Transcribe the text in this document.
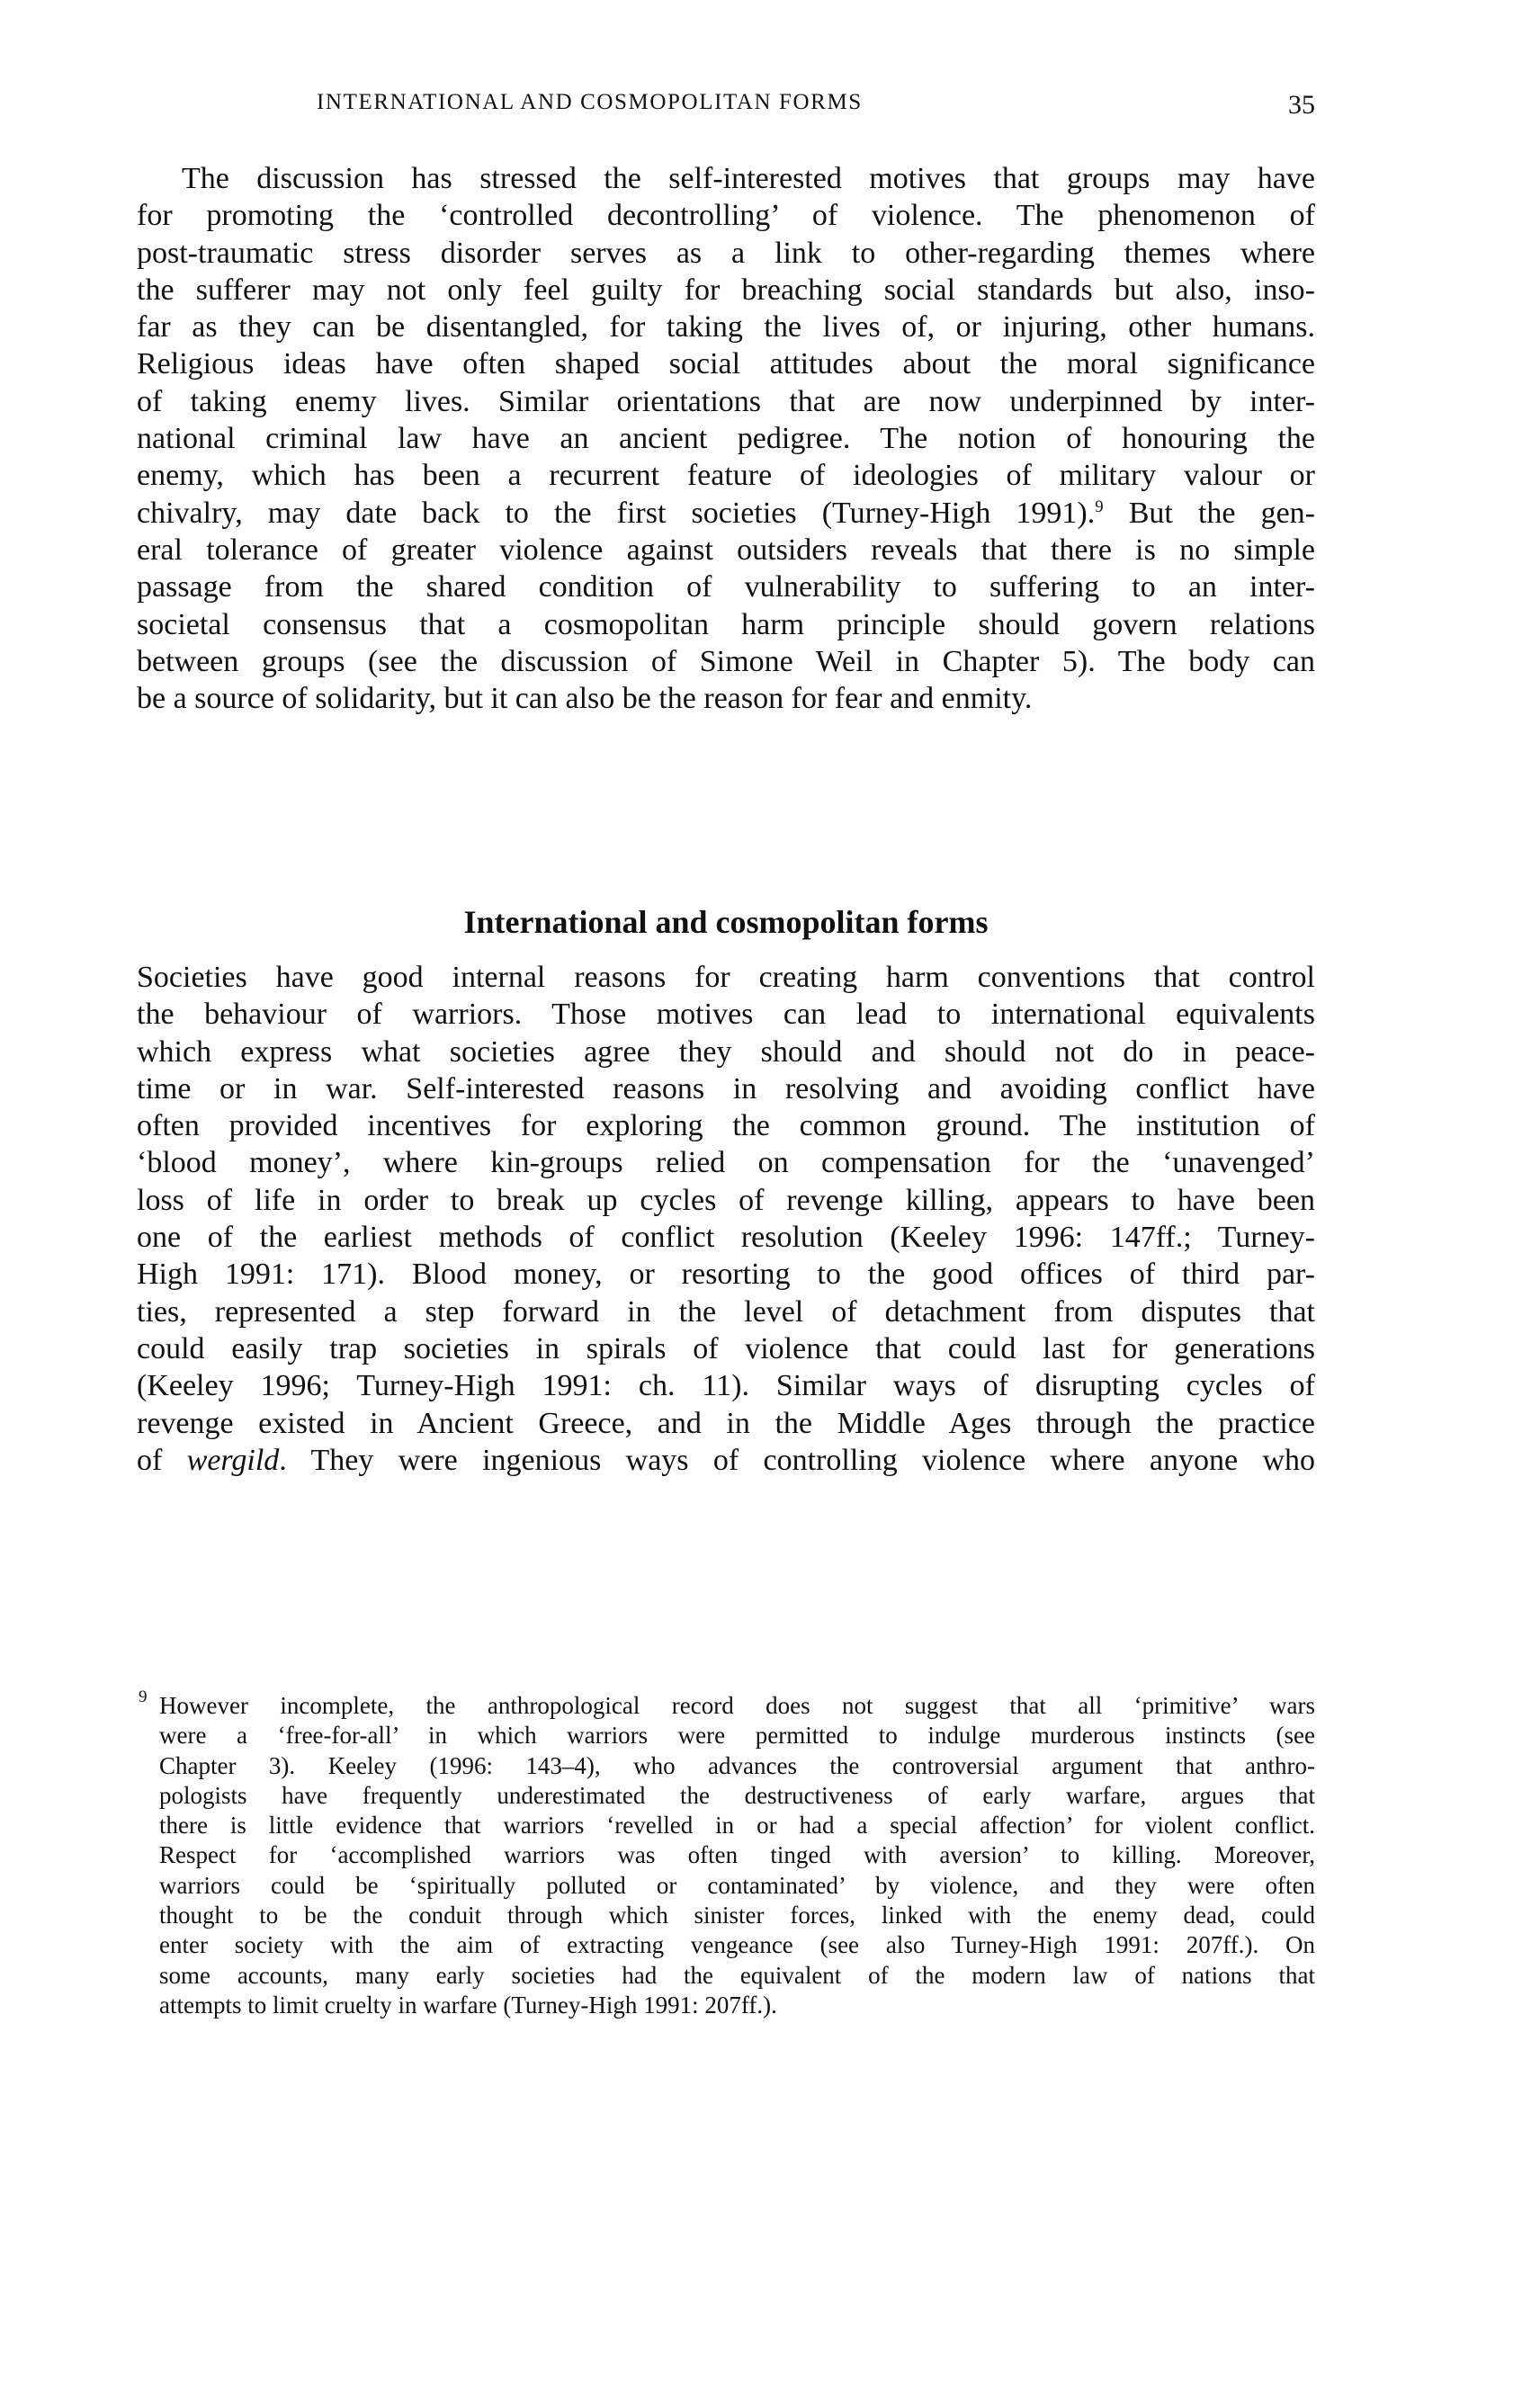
INTERNATIONAL AND COSMOPOLITAN FORMS	35
The discussion has stressed the self-interested motives that groups may have
for promoting the ‘controlled decontrolling’ of violence. The phenomenon of
post-traumatic stress disorder serves as a link to other-regarding themes where
the sufferer may not only feel guilty for breaching social standards but also, inso-
far as they can be disentangled, for taking the lives of, or injuring, other humans.
Religious ideas have often shaped social attitudes about the moral significance
of taking enemy lives. Similar orientations that are now underpinned by inter-
national criminal law have an ancient pedigree. The notion of honouring the
enemy, which has been a recurrent feature of ideologies of military valour or
chivalry, may date back to the first societies (Turney-High 1991).$^9$ But the gen-
eral tolerance of greater violence against outsiders reveals that there is no simple
passage from the shared condition of vulnerability to suffering to an inter-
societal consensus that a cosmopolitan harm principle should govern relations
between groups (see the discussion of Simone Weil in Chapter 5). The body can
be a source of solidarity, but it can also be the reason for fear and enmity.
International and cosmopolitan forms
Societies have good internal reasons for creating harm conventions that control
the behaviour of warriors. Those motives can lead to international equivalents
which express what societies agree they should and should not do in peace-
time or in war. Self-interested reasons in resolving and avoiding conflict have
often provided incentives for exploring the common ground. The institution of
‘blood money’, where kin-groups relied on compensation for the ‘unavenged’
loss of life in order to break up cycles of revenge killing, appears to have been
one of the earliest methods of conflict resolution (Keeley 1996: 147ff.; Turney-
High 1991: 171). Blood money, or resorting to the good offices of third par-
ties, represented a step forward in the level of detachment from disputes that
could easily trap societies in spirals of violence that could last for generations
(Keeley 1996; Turney-High 1991: ch. 11). Similar ways of disrupting cycles of
revenge existed in Ancient Greece, and in the Middle Ages through the practice
of wergild. They were ingenious ways of controlling violence where anyone who
9 However incomplete, the anthropological record does not suggest that all ‘primitive’ wars
were a ‘free-for-all’ in which warriors were permitted to indulge murderous instincts (see
Chapter 3). Keeley (1996: 143–4), who advances the controversial argument that anthro-
pologists have frequently underestimated the destructiveness of early warfare, argues that
there is little evidence that warriors ‘revelled in or had a special affection’ for violent conflict.
Respect for ‘accomplished warriors was often tinged with aversion’ to killing. Moreover,
warriors could be ‘spiritually polluted or contaminated’ by violence, and they were often
thought to be the conduit through which sinister forces, linked with the enemy dead, could
enter society with the aim of extracting vengeance (see also Turney-High 1991: 207ff.). On
some accounts, many early societies had the equivalent of the modern law of nations that
attempts to limit cruelty in warfare (Turney-High 1991: 207ff.).
